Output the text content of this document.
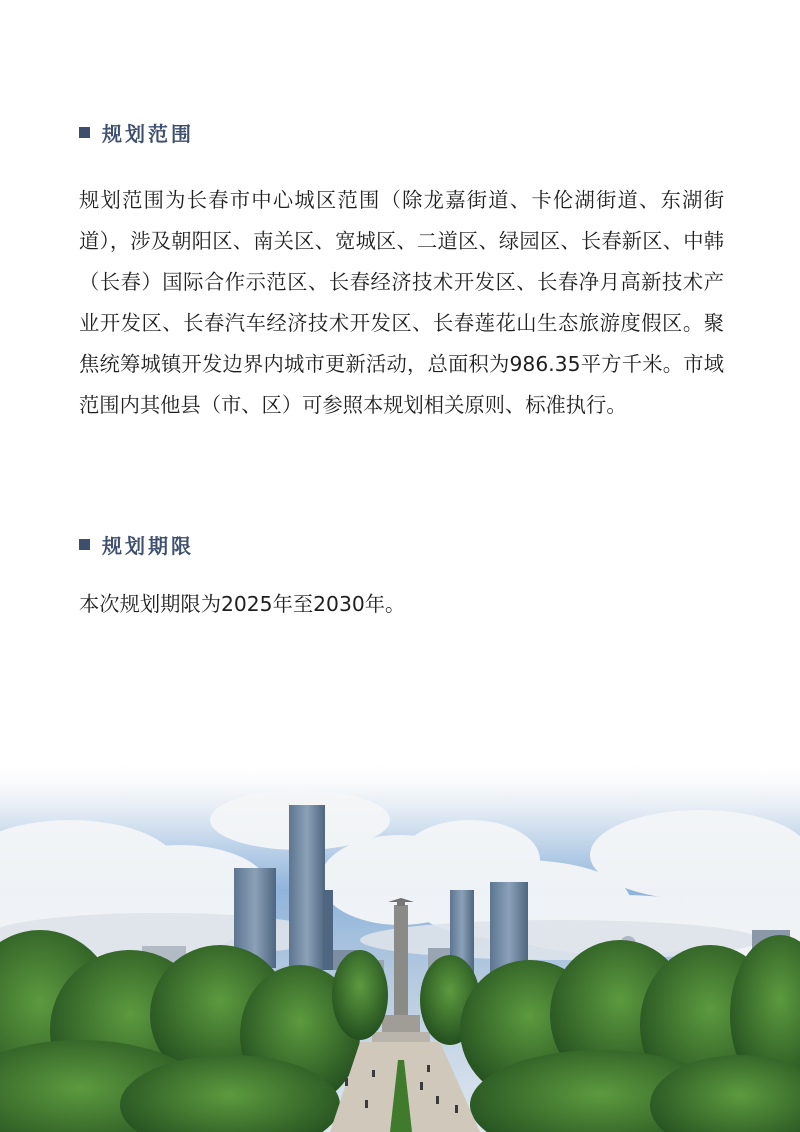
规划范围

规划范围为长春市中心城区范围（除龙嘉街道、卡伦湖街道、东湖街道），涉及朝阳区、南关区、宽城区、二道区、绿园区、长春新区、中韩（长春）国际合作示范区、长春经济技术开发区、长春净月高新技术产业开发区、长春汽车经济技术开发区、长春莲花山生态旅游度假区。聚焦统筹城镇开发边界内城市更新活动，总面积为986.35平方千米。市域范围内其他县（市、区）可参照本规划相关原则、标准执行。

规划期限

本次规划期限为2025年至2030年。
